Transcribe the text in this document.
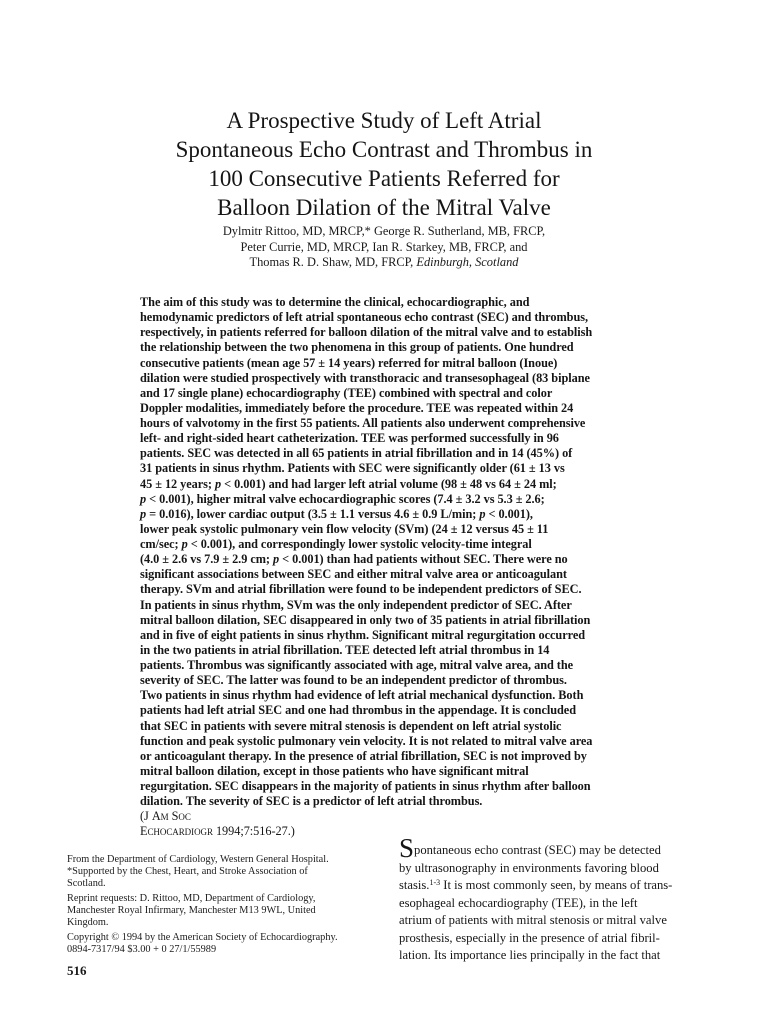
A Prospective Study of Left Atrial
Spontaneous Echo Contrast and Thrombus in
100 Consecutive Patients Referred for
Balloon Dilation of the Mitral Valve
Dylmitr Rittoo, MD, MRCP,* George R. Sutherland, MB, FRCP,
Peter Currie, MD, MRCP, Ian R. Starkey, MB, FRCP, and
Thomas R. D. Shaw, MD, FRCP, Edinburgh, Scotland
The aim of this study was to determine the clinical, echocardiographic, and
hemodynamic predictors of left atrial spontaneous echo contrast (SEC) and thrombus,
respectively, in patients referred for balloon dilation of the mitral valve and to establish
the relationship between the two phenomena in this group of patients. One hundred
consecutive patients (mean age 57 ± 14 years) referred for mitral balloon (Inoue)
dilation were studied prospectively with transthoracic and transesophageal (83 biplane
and 17 single plane) echocardiography (TEE) combined with spectral and color
Doppler modalities, immediately before the procedure. TEE was repeated within 24
hours of valvotomy in the first 55 patients. All patients also underwent comprehensive
left- and right-sided heart catheterization. TEE was performed successfully in 96
patients. SEC was detected in all 65 patients in atrial fibrillation and in 14 (45%) of
31 patients in sinus rhythm. Patients with SEC were significantly older (61 ± 13 vs
45 ± 12 years; p < 0.001) and had larger left atrial volume (98 ± 48 vs 64 ± 24 ml;
p < 0.001), higher mitral valve echocardiographic scores (7.4 ± 3.2 vs 5.3 ± 2.6;
p = 0.016), lower cardiac output (3.5 ± 1.1 versus 4.6 ± 0.9 L/min; p < 0.001),
lower peak systolic pulmonary vein flow velocity (SVm) (24 ± 12 versus 45 ± 11
cm/sec; p < 0.001), and correspondingly lower systolic velocity-time integral
(4.0 ± 2.6 vs 7.9 ± 2.9 cm; p < 0.001) than had patients without SEC. There were no
significant associations between SEC and either mitral valve area or anticoagulant
therapy. SVm and atrial fibrillation were found to be independent predictors of SEC.
In patients in sinus rhythm, SVm was the only independent predictor of SEC. After
mitral balloon dilation, SEC disappeared in only two of 35 patients in atrial fibrillation
and in five of eight patients in sinus rhythm. Significant mitral regurgitation occurred
in the two patients in atrial fibrillation. TEE detected left atrial thrombus in 14
patients. Thrombus was significantly associated with age, mitral valve area, and the
severity of SEC. The latter was found to be an independent predictor of thrombus.
Two patients in sinus rhythm had evidence of left atrial mechanical dysfunction. Both
patients had left atrial SEC and one had thrombus in the appendage. It is concluded
that SEC in patients with severe mitral stenosis is dependent on left atrial systolic
function and peak systolic pulmonary vein velocity. It is not related to mitral valve area
or anticoagulant therapy. In the presence of atrial fibrillation, SEC is not improved by
mitral balloon dilation, except in those patients who have significant mitral
regurgitation. SEC disappears in the majority of patients in sinus rhythm after balloon
dilation. The severity of SEC is a predictor of left atrial thrombus.
(J Am Soc
Echocardiogr 1994;7:516-27.)
From the Department of Cardiology, Western General Hospital.
*Supported by the Chest, Heart, and Stroke Association of
Scotland.
Reprint requests: D. Rittoo, MD, Department of Cardiology,
Manchester Royal Infirmary, Manchester M13 9WL, United
Kingdom.
Copyright © 1994 by the American Society of Echocardiography.
0894-7317/94 $3.00 + 0 27/1/55989
516
Spontaneous echo contrast (SEC) may be detected
by ultrasonography in environments favoring blood
stasis.$^{1-3}$ It is most commonly seen, by means of trans-
esophageal echocardiography (TEE), in the left
atrium of patients with mitral stenosis or mitral valve
prosthesis, especially in the presence of atrial fibril-
lation. Its importance lies principally in the fact that
